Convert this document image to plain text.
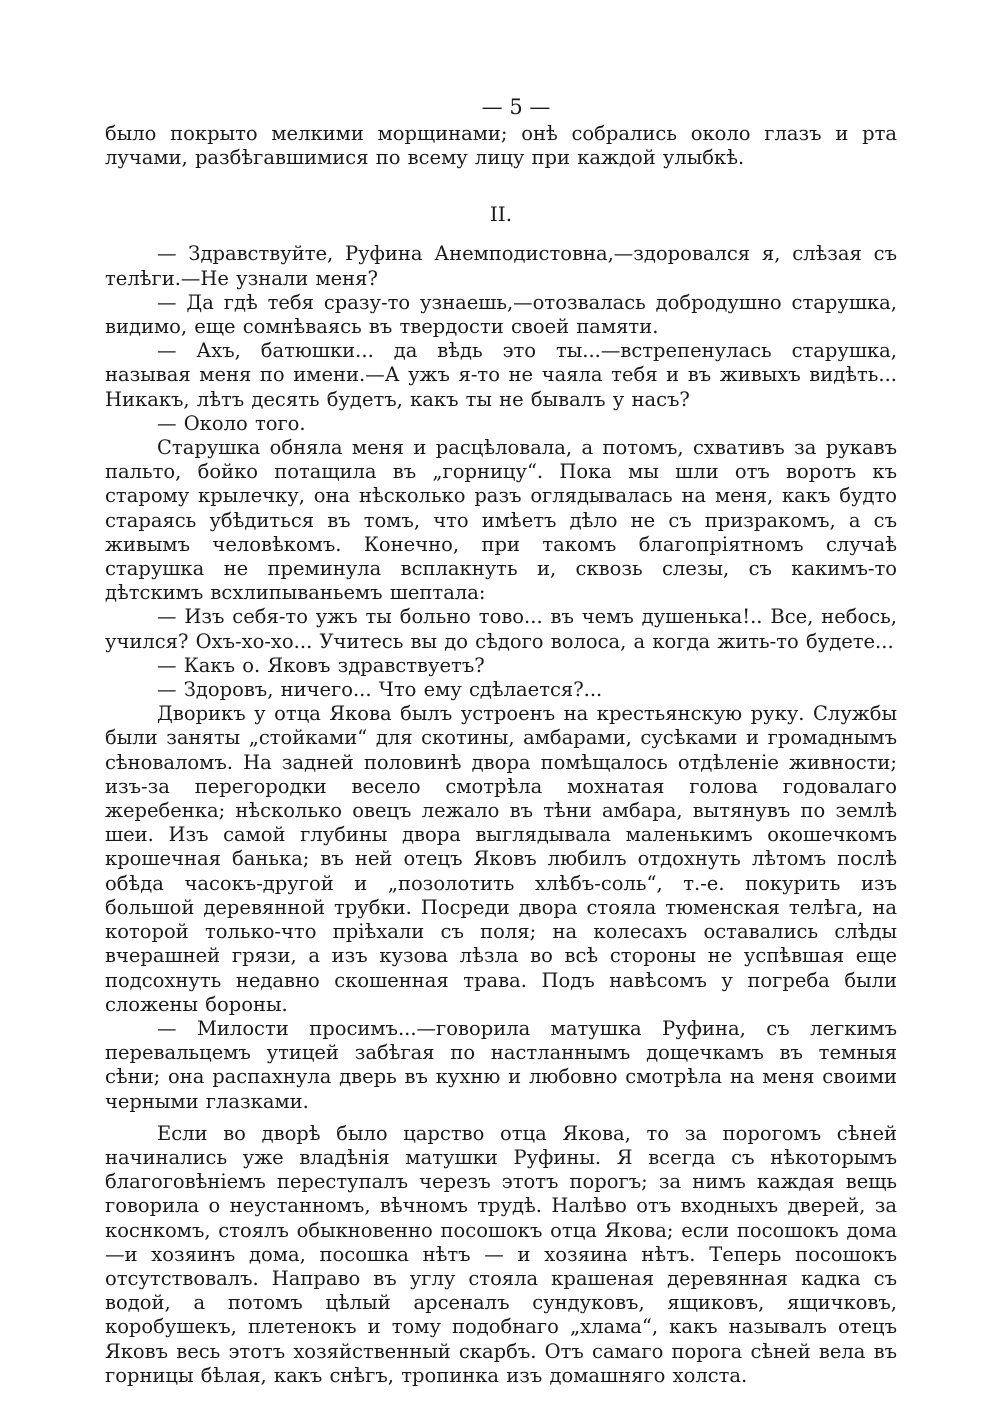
— 5 —

было покрыто мелкими морщинами; онѣ собрались около глазъ и рта лучами, разбѣгавшимися по всему лицу при каждой улыбкѣ.

II.

— Здравствуйте, Руфина Анемподистовна,—здоровался я, слѣзая съ телѣги.—Не узнали меня?

— Да гдѣ тебя сразу-то узнаешь,—отозвалась добродушно старушка, видимо, еще сомнѣваясь въ твердости своей памяти.

— Ахъ, батюшки... да вѣдь это ты...—встрепенулась старушка, называя меня по имени.—А ужъ я-то не чаяла тебя и въ живыхъ видѣть... Никакъ, лѣтъ десять будетъ, какъ ты не бывалъ у насъ?

— Около того.

Старушка обняла меня и расцѣловала, а потомъ, схвативъ за рукавъ пальто, бойко потащила въ „горницу“. Пока мы шли отъ воротъ къ старому крылечку, она нѣсколько разъ оглядывалась на меня, какъ будто стараясь убѣдиться въ томъ, что имѣетъ дѣло не съ призракомъ, а съ живымъ человѣкомъ. Конечно, при такомъ благопріятномъ случаѣ старушка не преминула всплакнуть и, сквозь слезы, съ какимъ-то дѣтскимъ всхлипываньемъ шептала:

— Изъ себя-то ужъ ты больно тово... въ чемъ душенька!.. Все, небось, учился? Охъ-хо-хо... Учитесь вы до сѣдого волоса, а когда жить-то будете...

— Какъ о. Яковъ здравствуетъ?

— Здоровъ, ничего... Что ему сдѣлается?...

Дворикъ у отца Якова былъ устроенъ на крестьянскую руку. Службы были заняты „стойками“ для скотины, амбарами, сусѣками и громаднымъ сѣноваломъ. На задней половинѣ двора помѣщалось отдѣленіе живности; изъ-за перегородки весело смотрѣла мохнатая голова годовалаго жеребенка; нѣсколько овецъ лежало въ тѣни амбара, вытянувъ по землѣ шеи. Изъ самой глубины двора выглядывала маленькимъ окошечкомъ крошечная банька; въ ней отецъ Яковъ любилъ отдохнуть лѣтомъ послѣ обѣда часокъ-другой и „позолотить хлѣбъ-соль“, т.-е. покурить изъ большой деревянной трубки. Посреди двора стояла тюменская телѣга, на которой только-что пріѣхали съ поля; на колесахъ оставались слѣды вчерашней грязи, а изъ кузова лѣзла во всѣ стороны не успѣвшая еще подсохнуть недавно скошенная трава. Подъ навѣсомъ у погреба были сложены бороны.

— Милости просимъ...—говорила матушка Руфина, съ легкимъ перевальцемъ утицей забѣгая по настланнымъ дощечкамъ въ темныя сѣни; она распахнула дверь въ кухню и любовно смотрѣла на меня своими черными глазками.

Если во дворѣ было царство отца Якова, то за порогомъ сѣней начинались уже владѣнія матушки Руфины. Я всегда съ нѣкоторымъ благоговѣніемъ переступалъ черезъ этотъ порогъ; за нимъ каждая вещь говорила о неустанномъ, вѣчномъ трудѣ. Налѣво отъ входныхъ дверей, за коснкомъ, стоялъ обыкновенно посошокъ отца Якова; если посошокъ дома—и хозяинъ дома, посошка нѣтъ — и хозяина нѣтъ. Теперь посошокъ отсутствовалъ. Направо въ углу стояла крашеная деревянная кадка съ водой, а потомъ цѣлый арсеналъ сундуковъ, ящиковъ, ящичковъ, коробушекъ, плетенокъ и тому подобнаго „хлама“, какъ называлъ отецъ Яковъ весь этотъ хозяйственный скарбъ. Отъ самаго порога сѣней вела въ горницы бѣлая, какъ снѣгъ, тропинка изъ домашняго холста.
